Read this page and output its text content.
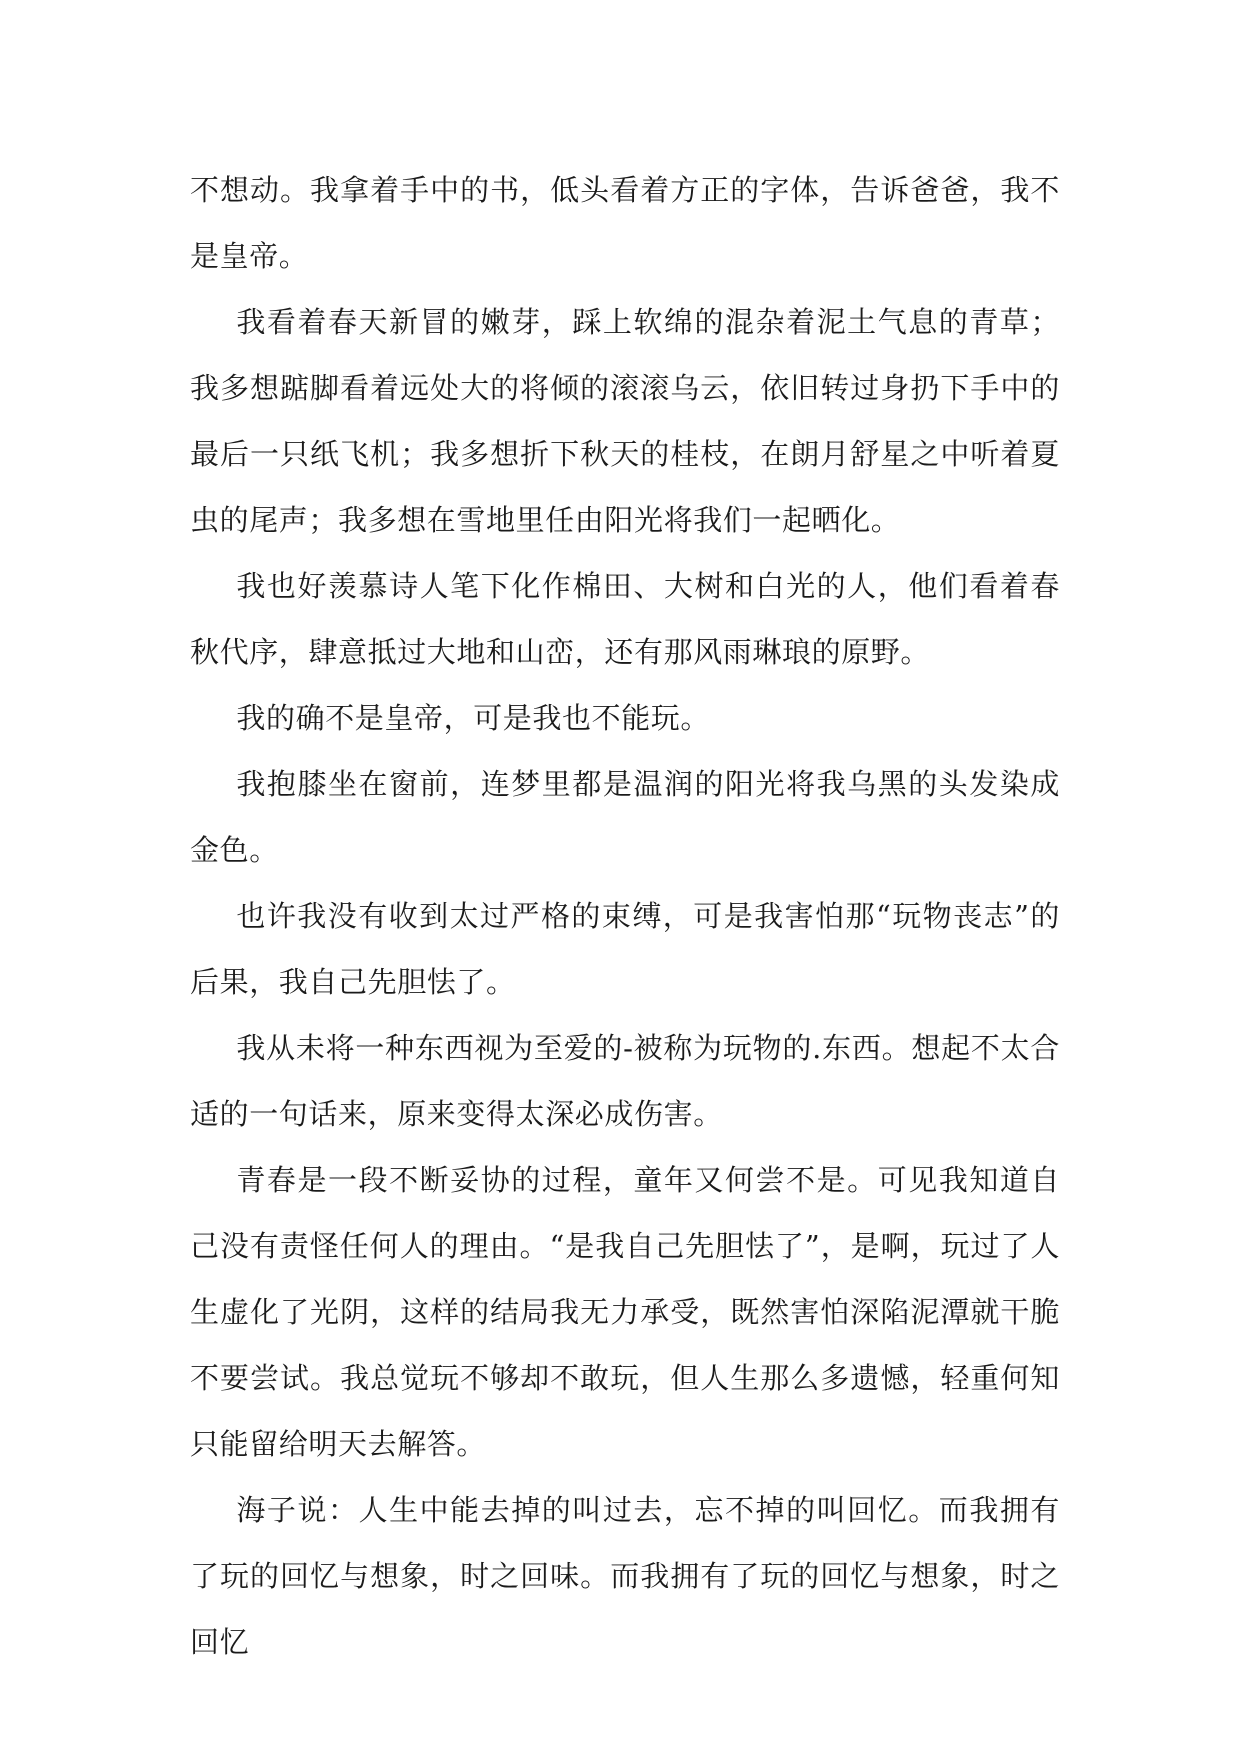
不想动。我拿着手中的书，低头看着方正的字体，告诉爸爸，我不是皇帝。

我看着春天新冒的嫩芽，踩上软绵的混杂着泥土气息的青草；我多想踮脚看着远处大的将倾的滚滚乌云，依旧转过身扔下手中的最后一只纸飞机；我多想折下秋天的桂枝，在朗月舒星之中听着夏虫的尾声；我多想在雪地里任由阳光将我们一起晒化。

我也好羡慕诗人笔下化作棉田、大树和白光的人，他们看着春秋代序，肆意抵过大地和山峦，还有那风雨琳琅的原野。

我的确不是皇帝，可是我也不能玩。

我抱膝坐在窗前，连梦里都是温润的阳光将我乌黑的头发染成金色。

也许我没有收到太过严格的束缚，可是我害怕那“玩物丧志”的后果，我自己先胆怯了。

我从未将一种东西视为至爱的-被称为玩物的.东西。想起不太合适的一句话来，原来变得太深必成伤害。

青春是一段不断妥协的过程，童年又何尝不是。可见我知道自己没有责怪任何人的理由。“是我自己先胆怯了”，是啊，玩过了人生虚化了光阴，这样的结局我无力承受，既然害怕深陷泥潭就干脆不要尝试。我总觉玩不够却不敢玩，但人生那么多遗憾，轻重何知只能留给明天去解答。

海子说：人生中能去掉的叫过去，忘不掉的叫回忆。而我拥有了玩的回忆与想象，时之回味。而我拥有了玩的回忆与想象，时之回忆
